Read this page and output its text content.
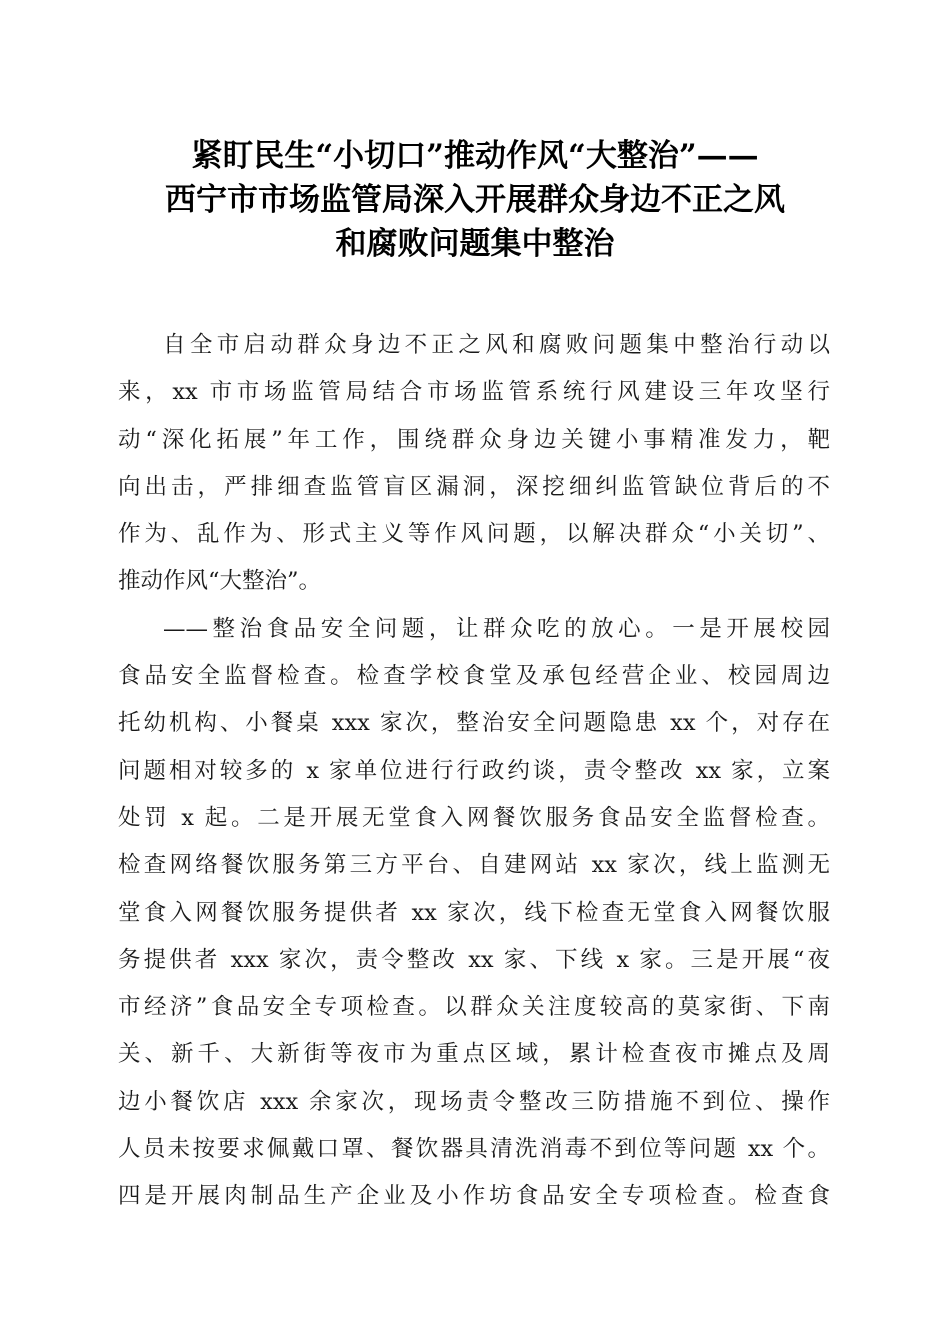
紧盯民生“小切口”推动作风“大整治”——
西宁市市场监管局深入开展群众身边不正之风
和腐败问题集中整治
自全市启动群众身边不正之风和腐败问题集中整治行动以
来，xx 市市场监管局结合市场监管系统行风建设三年攻坚行
动“深化拓展”年工作，围绕群众身边关键小事精准发力，靶
向出击，严排细查监管盲区漏洞，深挖细纠监管缺位背后的不
作为、乱作为、形式主义等作风问题，以解决群众“小关切”、
推动作风“大整治”。
——整治食品安全问题，让群众吃的放心。一是开展校园
食品安全监督检查。检查学校食堂及承包经营企业、校园周边
托幼机构、小餐桌 xxx 家次，整治安全问题隐患 xx 个，对存在
问题相对较多的 x 家单位进行行政约谈，责令整改 xx 家，立案
处罚 x 起。二是开展无堂食入网餐饮服务食品安全监督检查。
检查网络餐饮服务第三方平台、自建网站 xx 家次，线上监测无
堂食入网餐饮服务提供者 xx 家次，线下检查无堂食入网餐饮服
务提供者 xxx 家次，责令整改 xx 家、下线 x 家。三是开展“夜
市经济”食品安全专项检查。以群众关注度较高的莫家街、下南
关、新千、大新街等夜市为重点区域，累计检查夜市摊点及周
边小餐饮店 xxx 余家次，现场责令整改三防措施不到位、操作
人员未按要求佩戴口罩、餐饮器具清洗消毒不到位等问题 xx 个。
四是开展肉制品生产企业及小作坊食品安全专项检查。检查食
